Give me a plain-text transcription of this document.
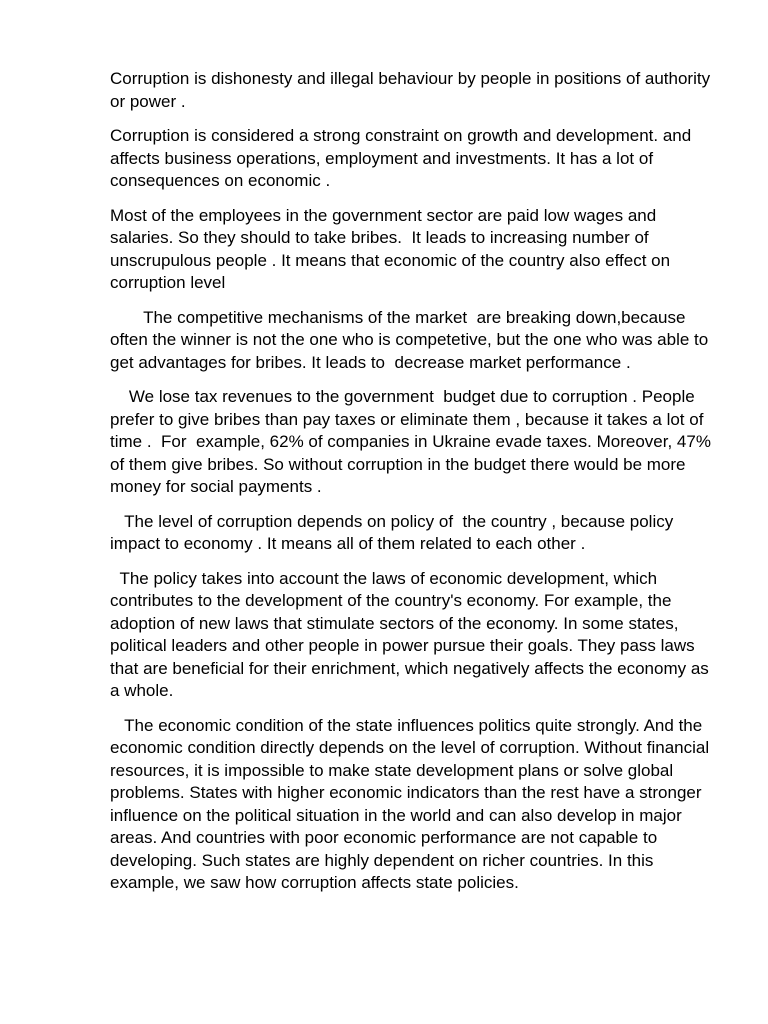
Corruption is dishonesty and illegal behaviour by people in positions of authority or power .

Corruption is considered a strong constraint on growth and development. and affects business operations, employment and investments. It has a lot of consequences on economic .

Most of the employees in the government sector are paid low wages and salaries. So they should to take bribes.  It leads to increasing number of unscrupulous people . It means that economic of the country also effect on corruption level

The competitive mechanisms of the market  are breaking down,because often the winner is not the one who is competetive, but the one who was able to get advantages for bribes. It leads to  decrease market performance .

We lose tax revenues to the government  budget due to corruption . People prefer to give bribes than pay taxes or eliminate them , because it takes a lot of time .  For  example, 62% of companies in Ukraine evade taxes. Moreover, 47% of them give bribes. So without corruption in the budget there would be more money for social payments .

The level of corruption depends on policy of  the country , because policy impact to economy . It means all of them related to each other .

The policy takes into account the laws of economic development, which contributes to the development of the country's economy. For example, the adoption of new laws that stimulate sectors of the economy. In some states, political leaders and other people in power pursue their goals. They pass laws that are beneficial for their enrichment, which negatively affects the economy as a whole.

The economic condition of the state influences politics quite strongly. And the economic condition directly depends on the level of corruption. Without financial resources, it is impossible to make state development plans or solve global problems. States with higher economic indicators than the rest have a stronger influence on the political situation in the world and can also develop in major areas. And countries with poor economic performance are not capable to  developing. Such states are highly dependent on richer countries. In this example, we saw how corruption affects state policies.
